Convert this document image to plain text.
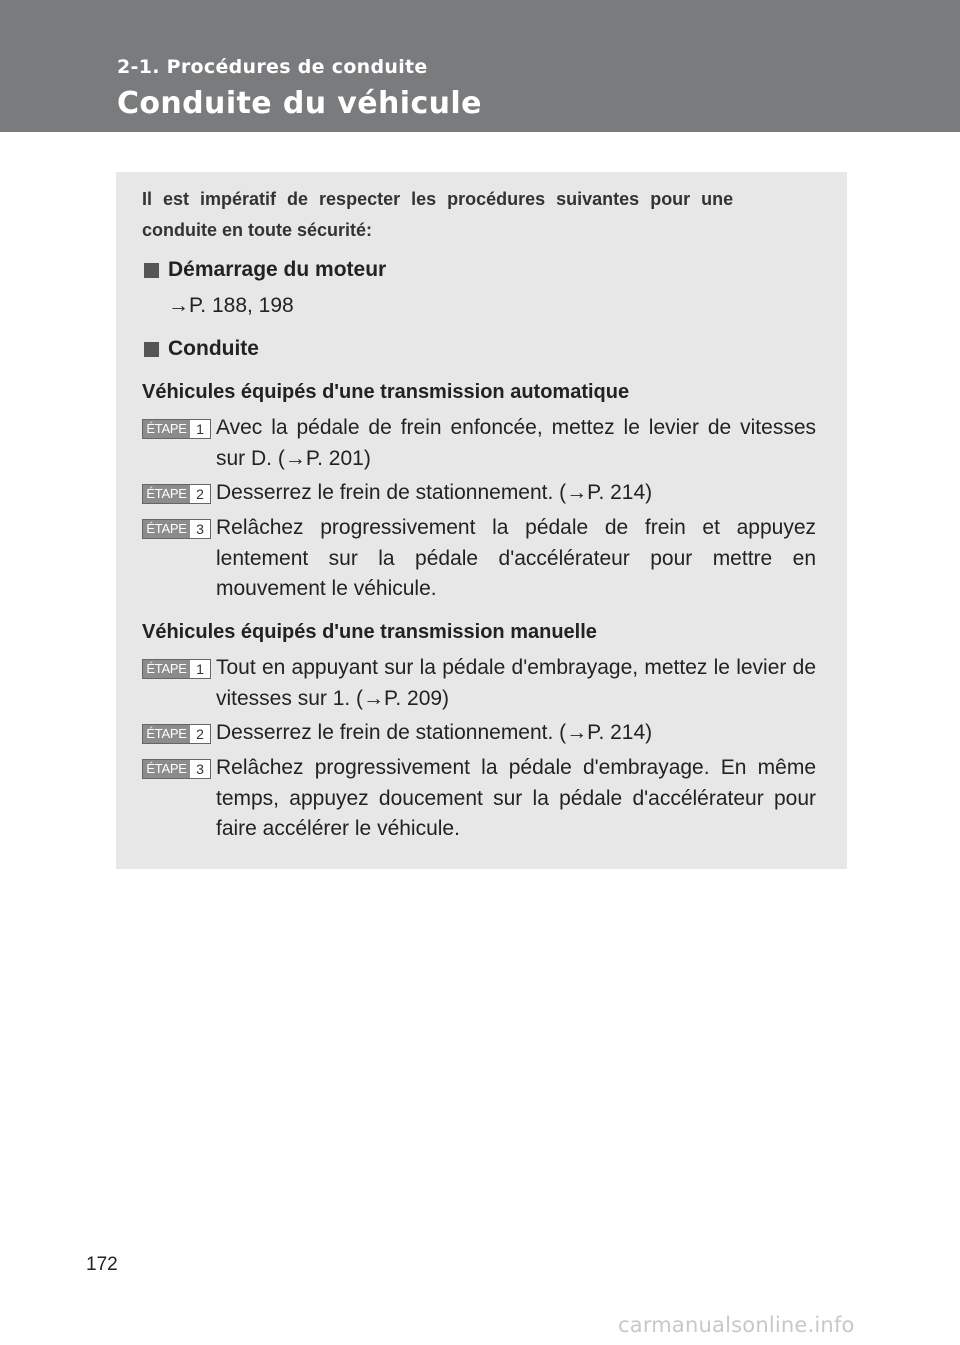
2-1. Procédures de conduite
Conduite du véhicule
Il est impératif de respecter les procédures suivantes pour une
conduite en toute sécurité:
Démarrage du moteur
→P. 188, 198
Conduite
Véhicules équipés d'une transmission automatique
ÉTAPE 1 Avec la pédale de frein enfoncée, mettez le levier de vitesses sur D. (→P. 201)
ÉTAPE 2 Desserrez le frein de stationnement. (→P. 214)
ÉTAPE 3 Relâchez progressivement la pédale de frein et appuyez lentement sur la pédale d'accélérateur pour mettre en mouvement le véhicule.
Véhicules équipés d'une transmission manuelle
ÉTAPE 1 Tout en appuyant sur la pédale d'embrayage, mettez le levier de vitesses sur 1. (→P. 209)
ÉTAPE 2 Desserrez le frein de stationnement. (→P. 214)
ÉTAPE 3 Relâchez progressivement la pédale d'embrayage. En même temps, appuyez doucement sur la pédale d'accélérateur pour faire accélérer le véhicule.
172
carmanualsonline.info
